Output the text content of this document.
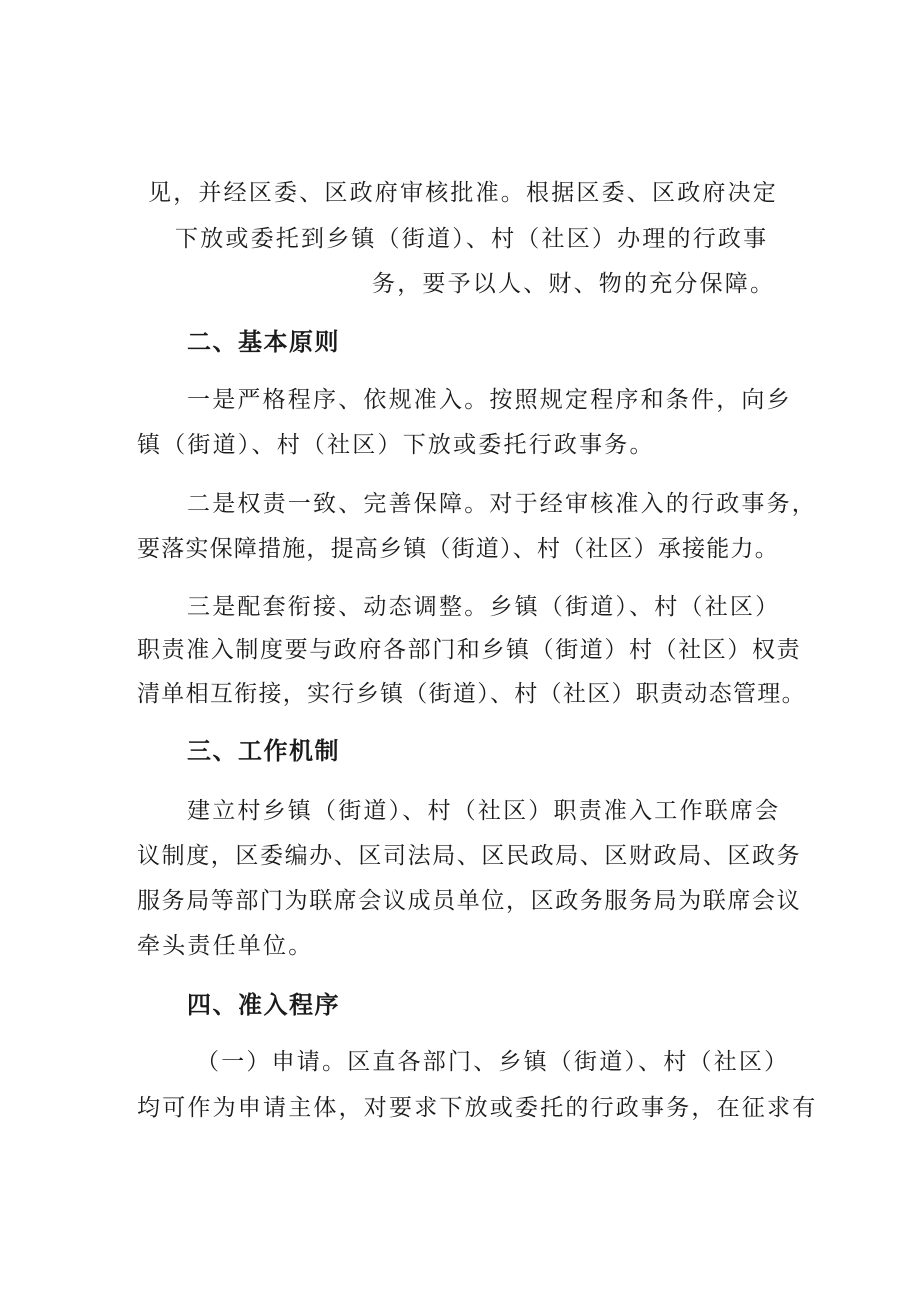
见，并经区委、区政府审核批准。根据区委、区政府决定

下放或委托到乡镇（街道）、村（社区）办理的行政事

务，要予以人、财、物的充分保障。

二、基本原则

一是严格程序、依规准入。按照规定程序和条件，向乡

镇（街道）、村（社区）下放或委托行政事务。

二是权责一致、完善保障。对于经审核准入的行政事务，

要落实保障措施，提高乡镇（街道）、村（社区）承接能力。

三是配套衔接、动态调整。乡镇（街道）、村（社区）

职责准入制度要与政府各部门和乡镇（街道）村（社区）权责

清单相互衔接，实行乡镇（街道）、村（社区）职责动态管理。

三、工作机制

建立村乡镇（街道）、村（社区）职责准入工作联席会

议制度，区委编办、区司法局、区民政局、区财政局、区政务

服务局等部门为联席会议成员单位，区政务服务局为联席会议

牵头责任单位。

四、准入程序

（一）申请。区直各部门、乡镇（街道）、村（社区）

均可作为申请主体，对要求下放或委托的行政事务，在征求有
